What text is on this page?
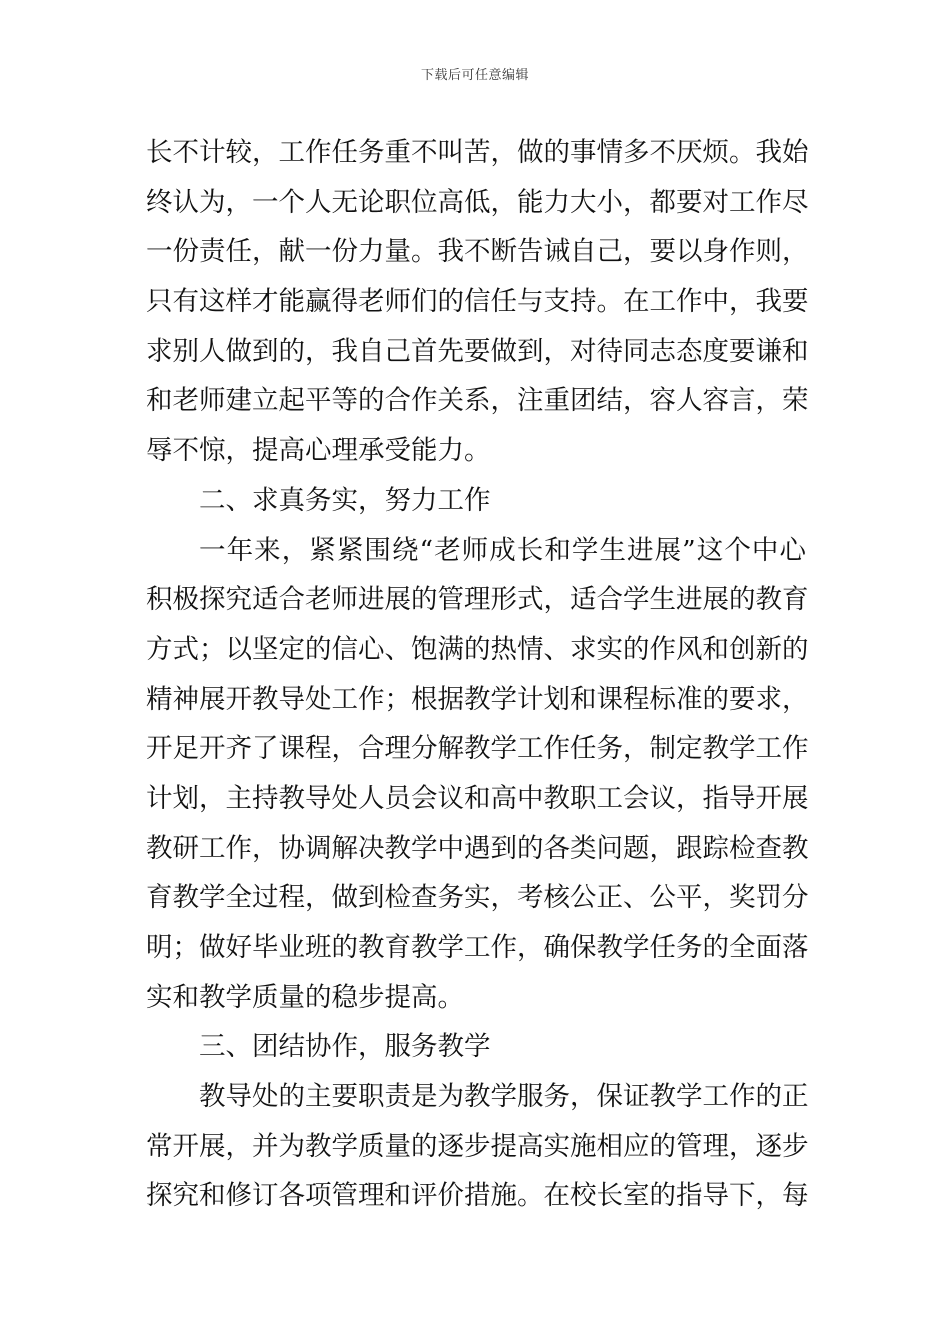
下载后可任意编辑
长不计较，工作任务重不叫苦，做的事情多不厌烦。我始
终认为，一个人无论职位高低，能力大小，都要对工作尽
一份责任，献一份力量。我不断告诫自己，要以身作则，
只有这样才能赢得老师们的信任与支持。在工作中，我要
求别人做到的，我自己首先要做到，对待同志态度要谦和
和老师建立起平等的合作关系，注重团结，容人容言，荣
辱不惊，提高心理承受能力。
二、求真务实，努力工作
一年来，紧紧围绕“老师成长和学生进展”这个中心
积极探究适合老师进展的管理形式，适合学生进展的教育
方式；以坚定的信心、饱满的热情、求实的作风和创新的
精神展开教导处工作；根据教学计划和课程标准的要求，
开足开齐了课程，合理分解教学工作任务，制定教学工作
计划，主持教导处人员会议和高中教职工会议，指导开展
教研工作，协调解决教学中遇到的各类问题，跟踪检查教
育教学全过程，做到检查务实，考核公正、公平，奖罚分
明；做好毕业班的教育教学工作，确保教学任务的全面落
实和教学质量的稳步提高。
三、团结协作，服务教学
教导处的主要职责是为教学服务，保证教学工作的正
常开展，并为教学质量的逐步提高实施相应的管理，逐步
探究和修订各项管理和评价措施。在校长室的指导下，每
